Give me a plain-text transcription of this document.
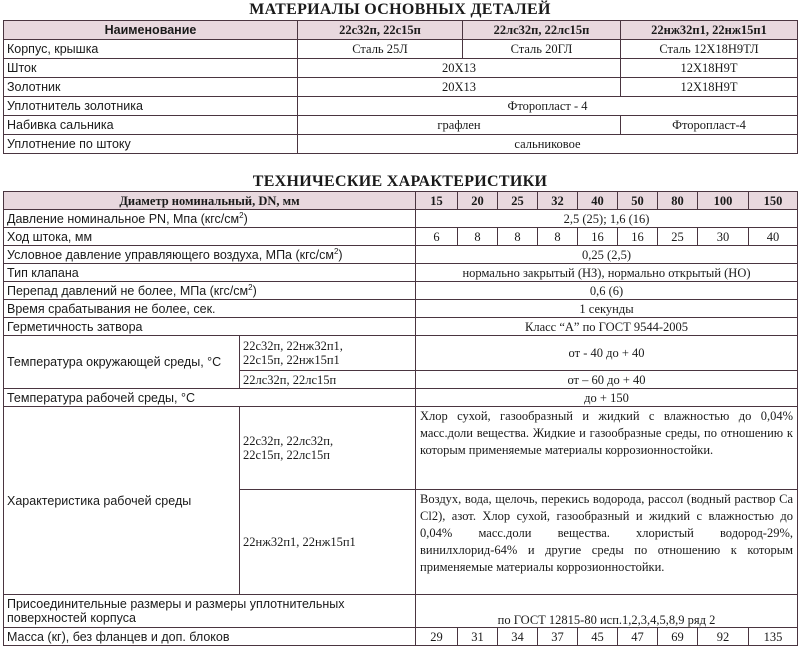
МАТЕРИАЛЫ ОСНОВНЫХ ДЕТАЛЕЙ
Наименование	22с32п, 22с15п	22лс32п, 22лс15п	22нж32п1, 22нж15п1
Корпус, крышка	Сталь 25Л	Сталь 20ГЛ	Сталь 12Х18Н9ТЛ
Шток	20Х13		12Х18Н9Т
Золотник	20Х13		12Х18Н9Т
Уплотнитель золотника	Фторопласт - 4		
Набивка сальника	графлен		Фторопласт-4
Уплотнение по штоку	сальниковое		
ТЕХНИЧЕСКИЕ ХАРАКТЕРИСТИКИ
Диаметр номинальный, DN, мм		15	20	25	32	40	50	80	100	150
Давление номинальное PN, Мпа $(кгс/см^2)$		2,5 (25); 1,6 (16)								
Ход штока, мм		6	8	8	8	16	16	25	30	40
Условное давление управляющего воздуха, МПа $(кгс/см^2)$		0,25 (2,5)								
Тип клапана		нормально закрытый (НЗ), нормально открытый (НО)								
Перепад давлений не более, МПа $(кгс/см^2)$		0,6 (6)								
Время срабатывания не более, сек.		1 секунды								
Герметичность затвора		Класс “А” по ГОСТ 9544-2005								
Температура окружающей среды, °С	22с32п, 22нж32п1,
22с15п, 22нж15п1	от - 40 до + 40								
	22лс32п, 22лс15п	от – 60 до + 40								
Температура рабочей среды, °С		до + 150								
Характеристика рабочей среды	22с32п, 22лс32п,
22с15п, 22лс15п	Хлор сухой, газообразный и жидкий с влажностью до 0,04% масс.доли вещества. Жидкие и газообразные среды, по отношению к которым применяемые материалы коррозионностойки.								
	22нж32п1, 22нж15п1	Воздух, вода, щелочь, перекись водорода, рассол (водный раствор Ca Cl2), азот. Хлор сухой, газообразный и жидкий с влажностью до 0,04% масс.доли вещества. хлористый водород-29%, винилхлорид-64% и другие среды по отношению к которым применяемые материалы коррозионностойки.								

Присоединительные размеры и размеры уплотнительных
поверхностей корпуса		по ГОСТ 12815-80 исп.1,2,3,4,5,8,9 ряд 2								
Масса (кг), без фланцев и доп. блоков		29	31	34	37	45	47	69	92	135
